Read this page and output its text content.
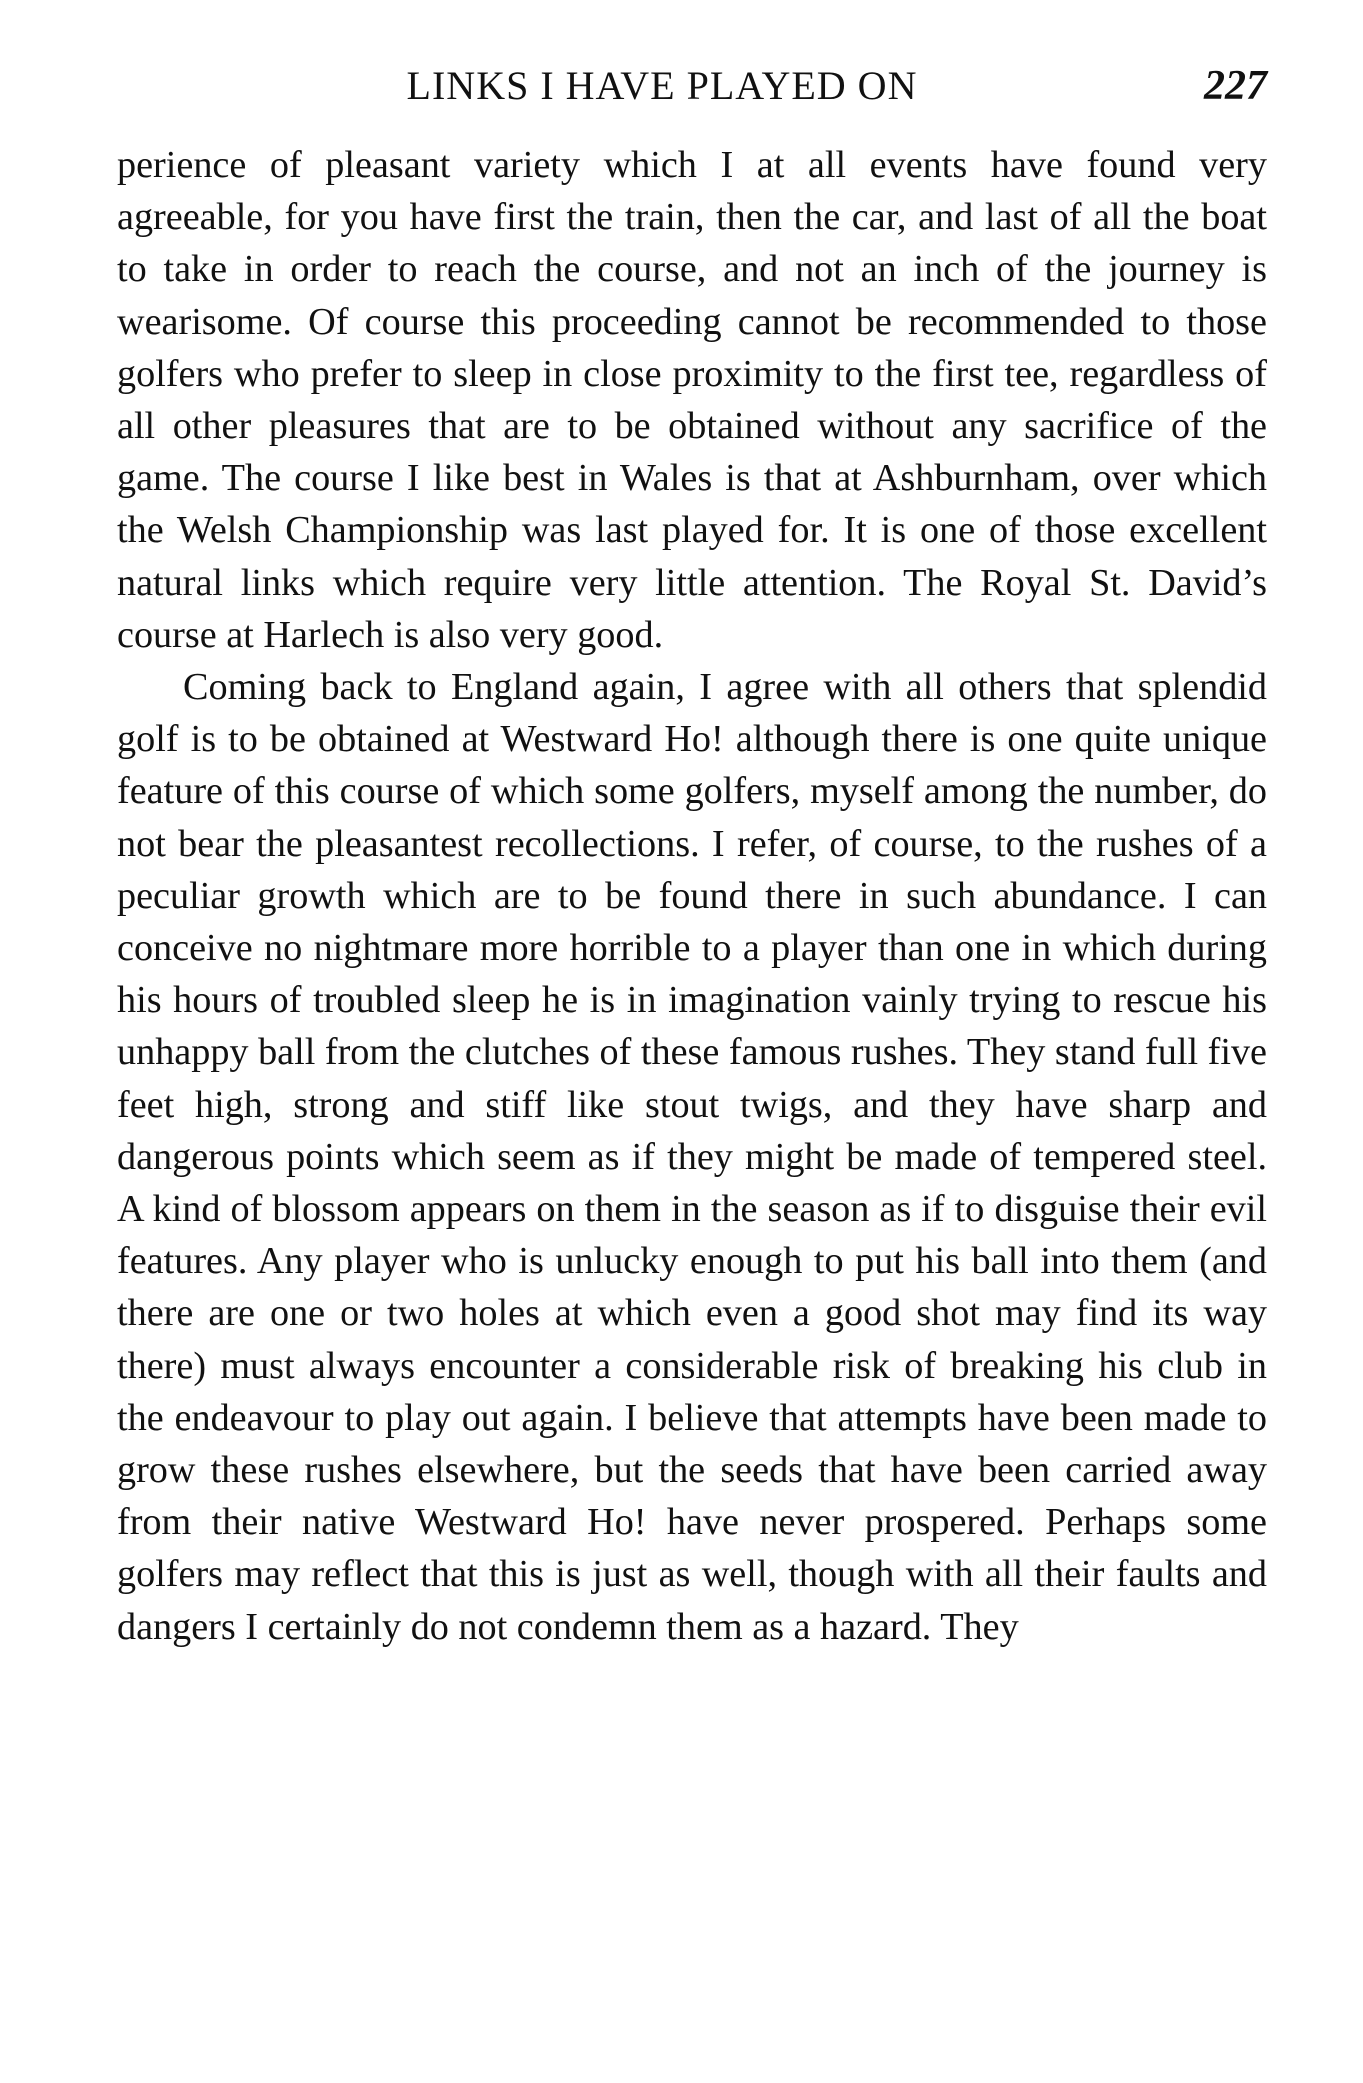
LINKS I HAVE PLAYED ON	227

perience of pleasant variety which I at all events have found very agreeable, for you have first the train, then the car, and last of all the boat to take in order to reach the course, and not an inch of the journey is wearisome. Of course this proceeding cannot be recommended to those golfers who prefer to sleep in close proximity to the first tee, regardless of all other pleasures that are to be obtained without any sacrifice of the game. The course I like best in Wales is that at Ashburnham, over which the Welsh Championship was last played for. It is one of those excellent natural links which require very little attention. The Royal St. David’s course at Harlech is also very good.

Coming back to England again, I agree with all others that splendid golf is to be obtained at Westward Ho! although there is one quite unique feature of this course of which some golfers, myself among the number, do not bear the pleasantest recollections. I refer, of course, to the rushes of a peculiar growth which are to be found there in such abundance. I can conceive no nightmare more horrible to a player than one in which during his hours of troubled sleep he is in imagination vainly trying to rescue his unhappy ball from the clutches of these famous rushes. They stand full five feet high, strong and stiff like stout twigs, and they have sharp and dangerous points which seem as if they might be made of tempered steel. A kind of blossom appears on them in the season as if to disguise their evil features. Any player who is unlucky enough to put his ball into them (and there are one or two holes at which even a good shot may find its way there) must always encounter a considerable risk of breaking his club in the endeavour to play out again. I believe that attempts have been made to grow these rushes elsewhere, but the seeds that have been carried away from their native Westward Ho! have never prospered. Perhaps some golfers may reflect that this is just as well, though with all their faults and dangers I certainly do not condemn them as a hazard. They
